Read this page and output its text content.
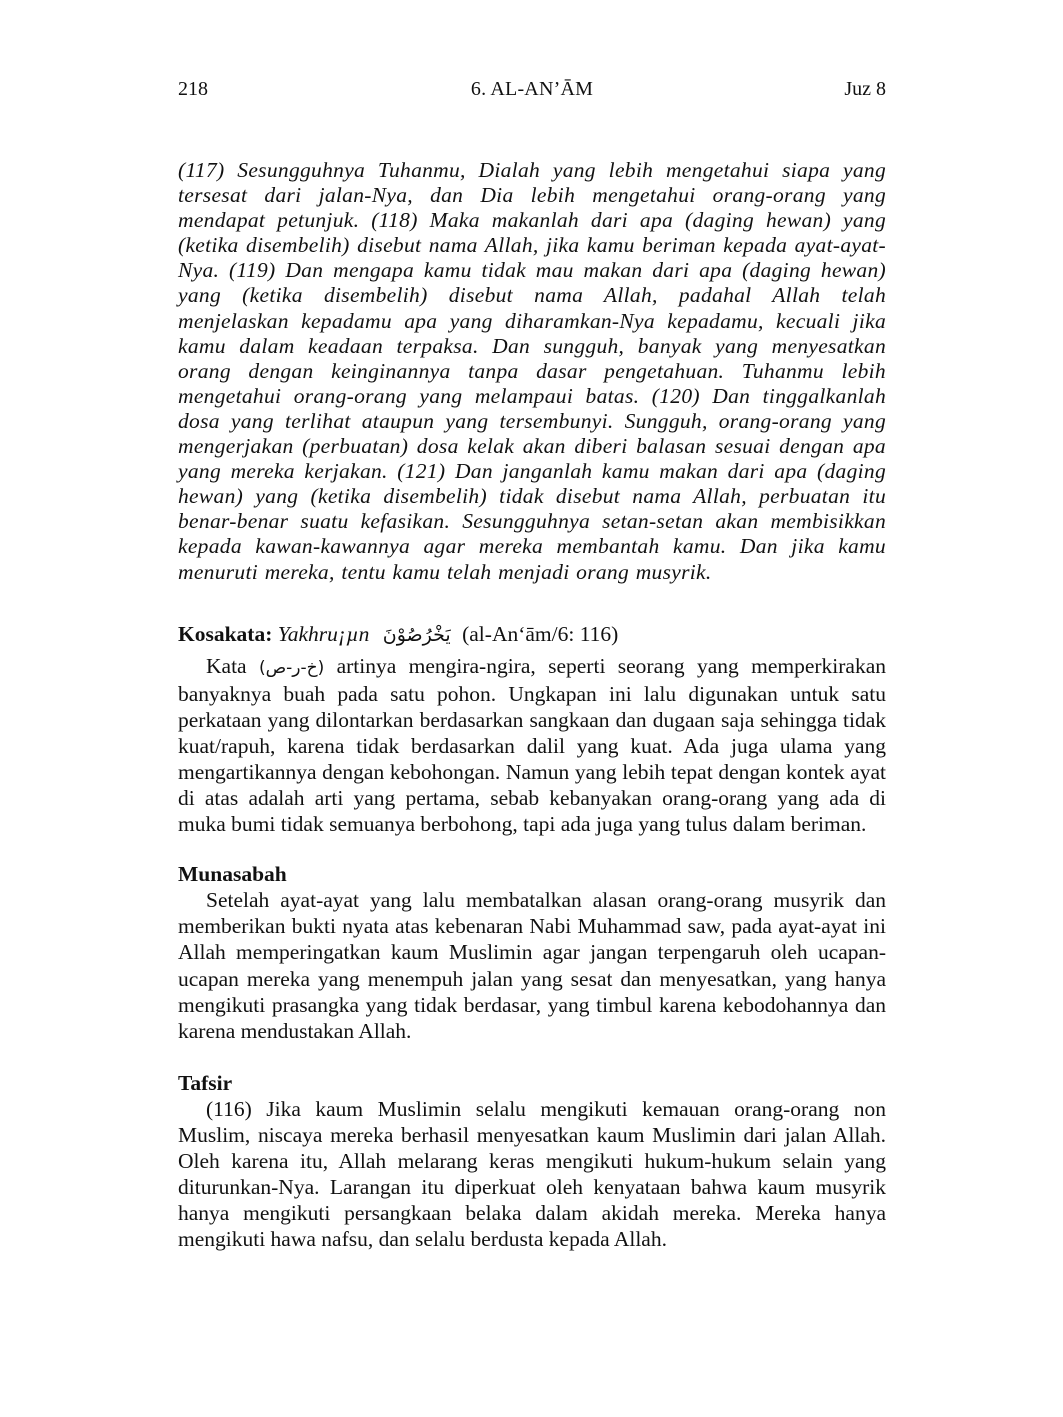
218	6. AL-AN’ĀM	Juz 8

(117) Sesungguhnya Tuhanmu, Dialah yang lebih mengetahui siapa yang tersesat dari jalan-Nya, dan Dia lebih mengetahui orang-orang yang mendapat petunjuk. (118) Maka makanlah dari apa (daging hewan) yang (ketika disembelih) disebut nama Allah, jika kamu beriman kepada ayat-ayat-Nya. (119) Dan mengapa kamu tidak mau makan dari apa (daging hewan) yang (ketika disembelih) disebut nama Allah, padahal Allah telah menjelaskan kepadamu apa yang diharamkan-Nya kepadamu, kecuali jika kamu dalam keadaan terpaksa. Dan sungguh, banyak yang menyesatkan orang dengan keinginannya tanpa dasar pengetahuan. Tuhanmu lebih mengetahui orang-orang yang melampaui batas. (120) Dan tinggalkanlah dosa yang terlihat ataupun yang tersembunyi. Sungguh, orang-orang yang mengerjakan (perbuatan) dosa kelak akan diberi balasan sesuai dengan apa yang mereka kerjakan. (121) Dan janganlah kamu makan dari apa (daging hewan) yang (ketika disembelih) tidak disebut nama Allah, perbuatan itu benar-benar suatu kefasikan. Sesungguhnya setan-setan akan membisikkan kepada kawan-kawannya agar mereka membantah kamu. Dan jika kamu menuruti mereka, tentu kamu telah menjadi orang musyrik.

Kosakata: Yakhru¡µn يَخْرُصُوْنَ (al-An‘ām/6: 116)

Kata (خ-ر-ص) artinya mengira-ngira, seperti seorang yang memperkirakan banyaknya buah pada satu pohon. Ungkapan ini lalu digunakan untuk satu perkataan yang dilontarkan berdasarkan sangkaan dan dugaan saja sehingga tidak kuat/rapuh, karena tidak berdasarkan dalil yang kuat. Ada juga ulama yang mengartikannya dengan kebohongan. Namun yang lebih tepat dengan kontek ayat di atas adalah arti yang pertama, sebab kebanyakan orang-orang yang ada di muka bumi tidak semuanya berbohong, tapi ada juga yang tulus dalam beriman.

Munasabah

Setelah ayat-ayat yang lalu membatalkan alasan orang-orang musyrik dan memberikan bukti nyata atas kebenaran Nabi Muhammad saw, pada ayat-ayat ini Allah memperingatkan kaum Muslimin agar jangan terpengaruh oleh ucapan-ucapan mereka yang menempuh jalan yang sesat dan menyesatkan, yang hanya mengikuti prasangka yang tidak berdasar, yang timbul karena kebodohannya dan karena mendustakan Allah.

Tafsir

(116) Jika kaum Muslimin selalu mengikuti kemauan orang-orang non Muslim, niscaya mereka berhasil menyesatkan kaum Muslimin dari jalan Allah. Oleh karena itu, Allah melarang keras mengikuti hukum-hukum selain yang diturunkan-Nya. Larangan itu diperkuat oleh kenyataan bahwa kaum musyrik hanya mengikuti persangkaan belaka dalam akidah mereka. Mereka hanya mengikuti hawa nafsu, dan selalu berdusta kepada Allah.
